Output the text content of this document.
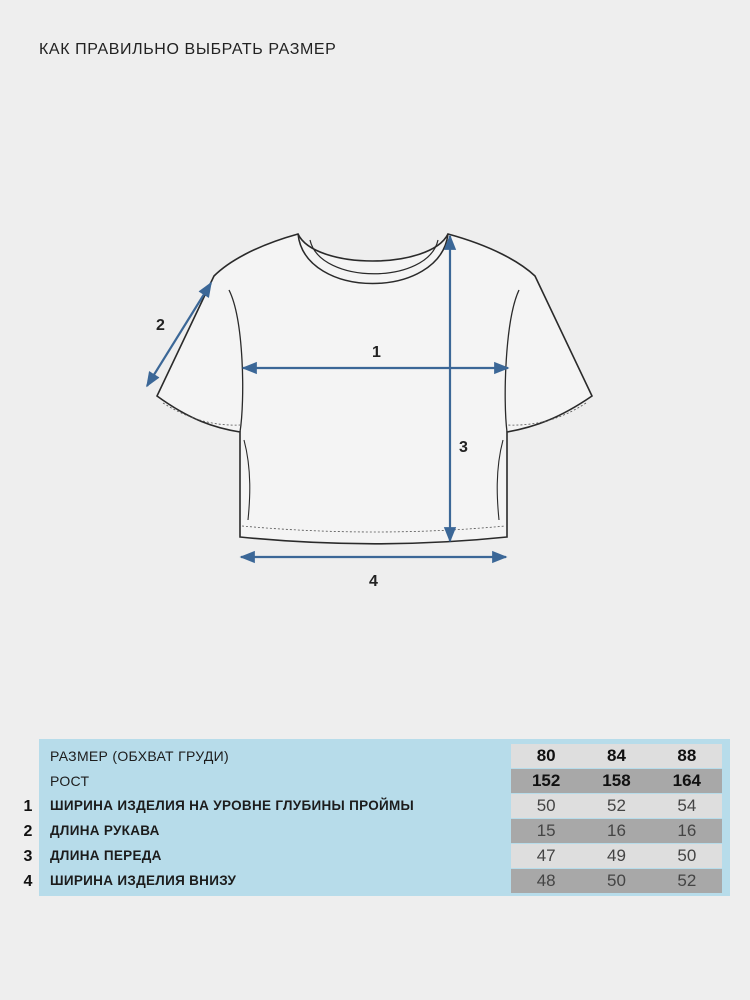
КАК ПРАВИЛЬНО ВЫБРАТЬ РАЗМЕР
1
2
3
4
РАЗМЕР (ОБХВАТ ГРУДИ)	80	84	88
РОСТ	152	158	164
ШИРИНА ИЗДЕЛИЯ НА УРОВНЕ ГЛУБИНЫ ПРОЙМЫ	50	52	54
ДЛИНА РУКАВА	15	16	16
ДЛИНА ПЕРЕДА	47	49	50
ШИРИНА ИЗДЕЛИЯ ВНИЗУ	48	50	52
1
2
3
4
